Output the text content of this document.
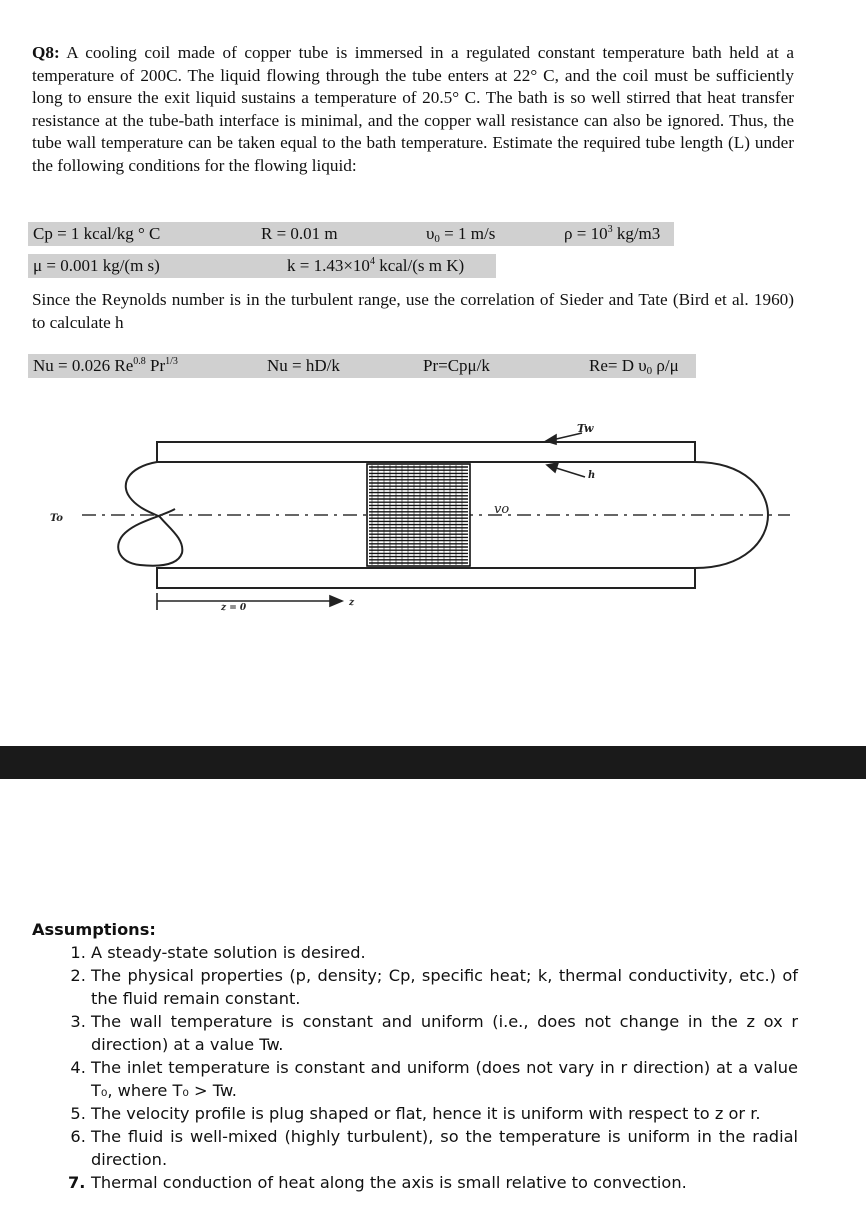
Q8: A cooling coil made of copper tube is immersed in a regulated constant temperature bath held at a temperature of 200C. The liquid flowing through the tube enters at 22° C, and the coil must be sufficiently long to ensure the exit liquid sustains a temperature of 20.5° C. The bath is so well stirred that heat transfer resistance at the tube-bath interface is minimal, and the copper wall resistance can also be ignored. Thus, the tube wall temperature can be taken equal to the bath temperature. Estimate the required tube length (L) under the following conditions for the flowing liquid:
Cp = 1 kcal/kg ° C	R = 0.01 m	$\upsilon_0 = 1$ m/s	$\rho = 10^3$ kg/m3
μ = 0.001 kg/(m s)	$k = 1.43\times 10^4$ kcal/(s m K)
Since the Reynolds number is in the turbulent range, use the correlation of Sieder and Tate (Bird et al. 1960) to calculate h
Nu = 0.026 $Re^{0.8}$ $Pr^{1/3}$	Nu = hD/k	Pr=Cpμ/k	Re= D $\upsilon_0$ ρ/μ
Tw
h
vo
To
z = 0	z
Assumptions:
1. A steady-state solution is desired.
2. The physical properties (p, density; Cp, specific heat; k, thermal conductivity, etc.) of the fluid remain constant.
3. The wall temperature is constant and uniform (i.e., does not change in the z ox r direction) at a value Tw.
4. The inlet temperature is constant and uniform (does not vary in r direction) at a value T₀, where T₀ > Tw.
5. The velocity profile is plug shaped or flat, hence it is uniform with respect to z or r.
6. The fluid is well-mixed (highly turbulent), so the temperature is uniform in the radial direction.
7. Thermal conduction of heat along the axis is small relative to convection.
